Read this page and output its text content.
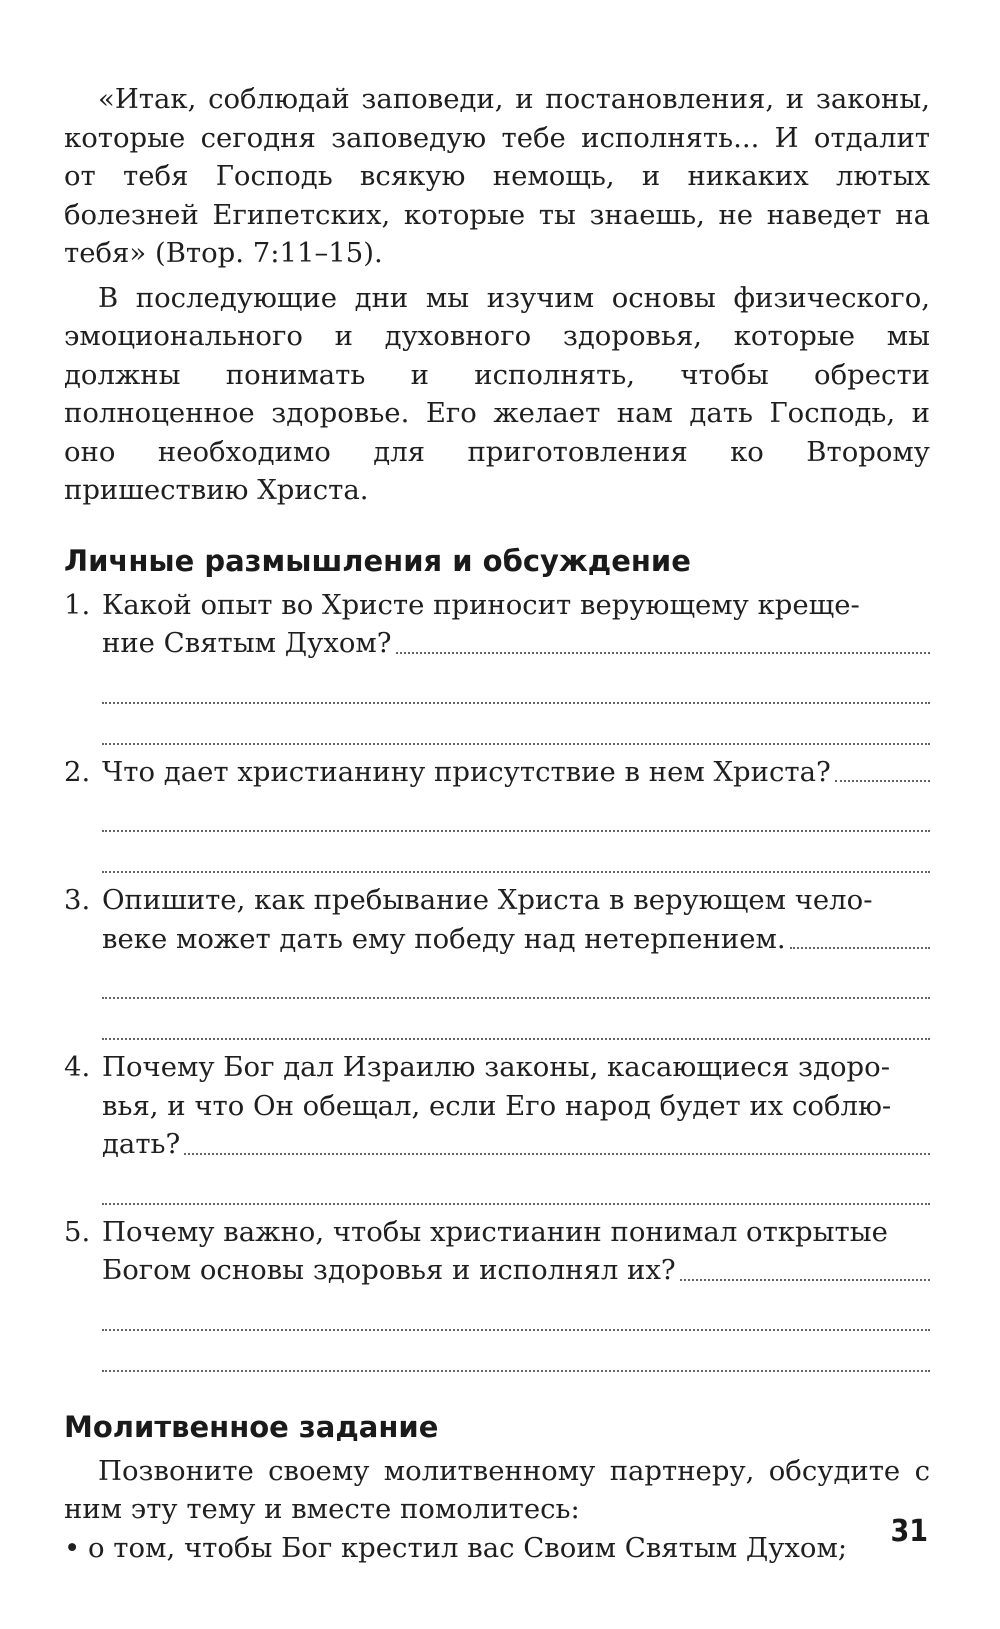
«Итак, соблюдай заповеди, и постановления, и законы, которые сегодня заповедую тебе исполнять... И отдалит от тебя Господь всякую немощь, и никаких лютых болезней Египетских, которые ты знаешь, не наведет на тебя» (Втор. 7:11–15).

В последующие дни мы изучим основы физического, эмоционального и духовного здоровья, которые мы должны понимать и исполнять, чтобы обрести полноценное здоровье. Его желает нам дать Господь, и оно необходимо для приготовления ко Второму пришествию Христа.

Личные размышления и обсуждение
1. Какой опыт во Христе приносит верующему креще-
ние Святым Духом?
2. Что дает христианину присутствие в нем Христа?
3. Опишите, как пребывание Христа в верующем чело-
веке может дать ему победу над нетерпением.
4. Почему Бог дал Израилю законы, касающиеся здоро-
вья, и что Он обещал, если Его народ будет их соблю-
дать?
5. Почему важно, чтобы христианин понимал открытые
Богом основы здоровья и исполнял их?
Молитвенное задание

Позвоните своему молитвенному партнеру, обсудите с ним эту тему и вместе помолитесь:

• о том, чтобы Бог крестил вас Своим Святым Духом;	31
